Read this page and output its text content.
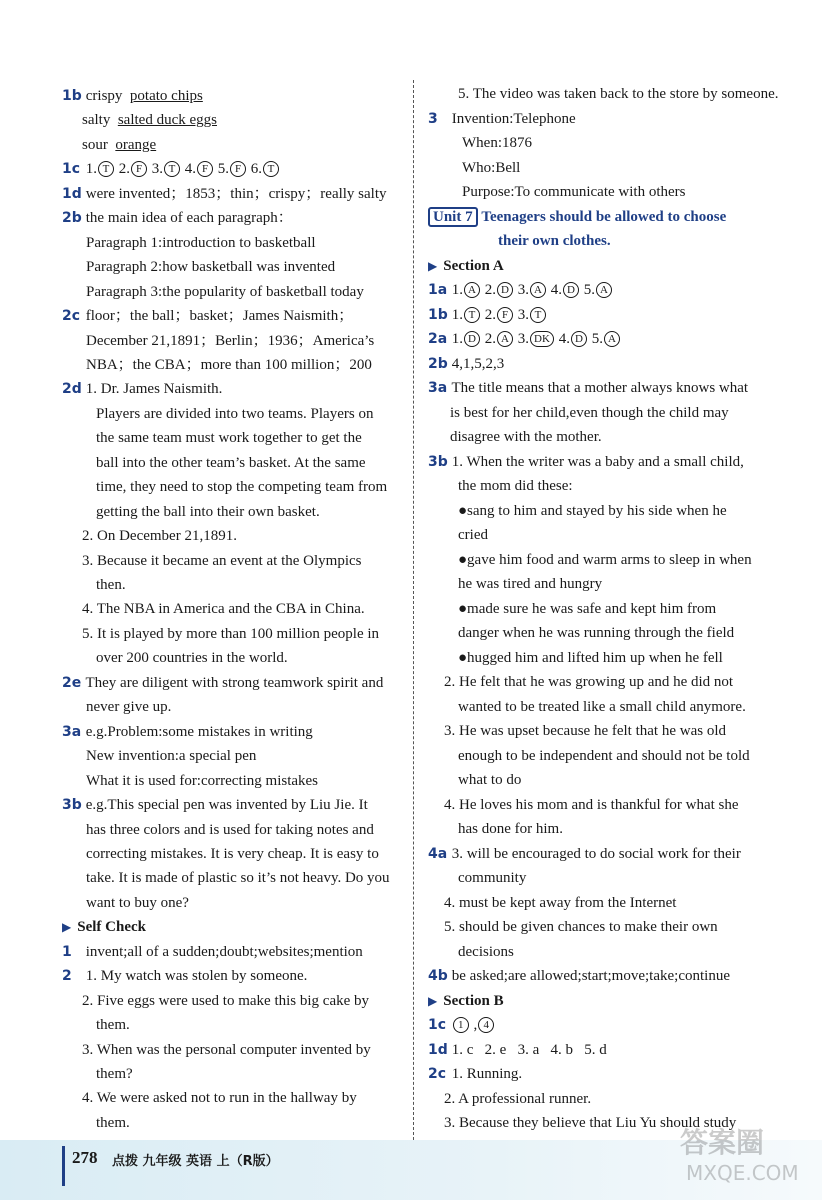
1b crispy  potato chips
salty  salted duck eggs
sour  orange
1c 1. T 2. F 3. T 4. F 5. F 6. T
1d were invented；1853；thin；crispy；really salty
2b the main idea of each paragraph：
Paragraph 1:introduction to basketball
Paragraph 2:how basketball was invented
Paragraph 3:the popularity of basketball today
2c floor；the ball；basket；James Naismith；
December 21,1891；Berlin；1936；America’s
NBA；the CBA；more than 100 million；200
2d 1. Dr. James Naismith.
Players are divided into two teams. Players on
the same team must work together to get the
ball into the other team’s basket. At the same
time, they need to stop the competing team from
getting the ball into their own basket.
2. On December 21,1891.
3. Because it became an event at the Olympics
then.
4. The NBA in America and the CBA in China.
5. It is played by more than 100 million people in
over 200 countries in the world.
2e They are diligent with strong teamwork spirit and
never give up.
3a e.g.Problem:some mistakes in writing
New invention:a special pen
What it is used for:correcting mistakes
3b e.g.This special pen was invented by Liu Jie. It
has three colors and is used for taking notes and
correcting mistakes. It is very cheap. It is easy to
take. It is made of plastic so it’s not heavy. Do you
want to buy one?
▶ Self Check
1 invent;all of a sudden;doubt;websites;mention
2 1. My watch was stolen by someone.
2. Five eggs were used to make this big cake by
them.
3. When was the personal computer invented by
them?
4. We were asked not to run in the hallway by
them.
5. The video was taken back to the store by someone.
3 Invention:Telephone
When:1876
Who:Bell
Purpose:To communicate with others
Unit 7 Teenagers should be allowed to choose
their own clothes.
▶ Section A
1a 1. A 2. D 3. A 4. D 5. A
1b 1. T 2. F 3. T
2a 1. D 2. A 3. DK 4. D 5. A
2b 4,1,5,2,3
3a The title means that a mother always knows what
is best for her child,even though the child may
disagree with the mother.
3b 1. When the writer was a baby and a small child,
the mom did these:
●sang to him and stayed by his side when he
cried
●gave him food and warm arms to sleep in when
he was tired and hungry
●made sure he was safe and kept him from
danger when he was running through the field
●hugged him and lifted him up when he fell
2. He felt that he was growing up and he did not
wanted to be treated like a small child anymore.
3. He was upset because he felt that he was old
enough to be independent and should not be told
what to do
4. He loves his mom and is thankful for what she
has done for him.
4a 3. will be encouraged to do social work for their
community
4. must be kept away from the Internet
5. should be given chances to make their own
decisions
4b be asked;are allowed;start;move;take;continue
▶ Section B
1c 1 , 4
1d 1. c   2. e   3. a   4. b   5. d
2c 1. Running.
2. A professional runner.
3. Because they believe that Liu Yu should study
278 点拨 九年级 英语 上（R版）
答案圈
MXQE.COM
